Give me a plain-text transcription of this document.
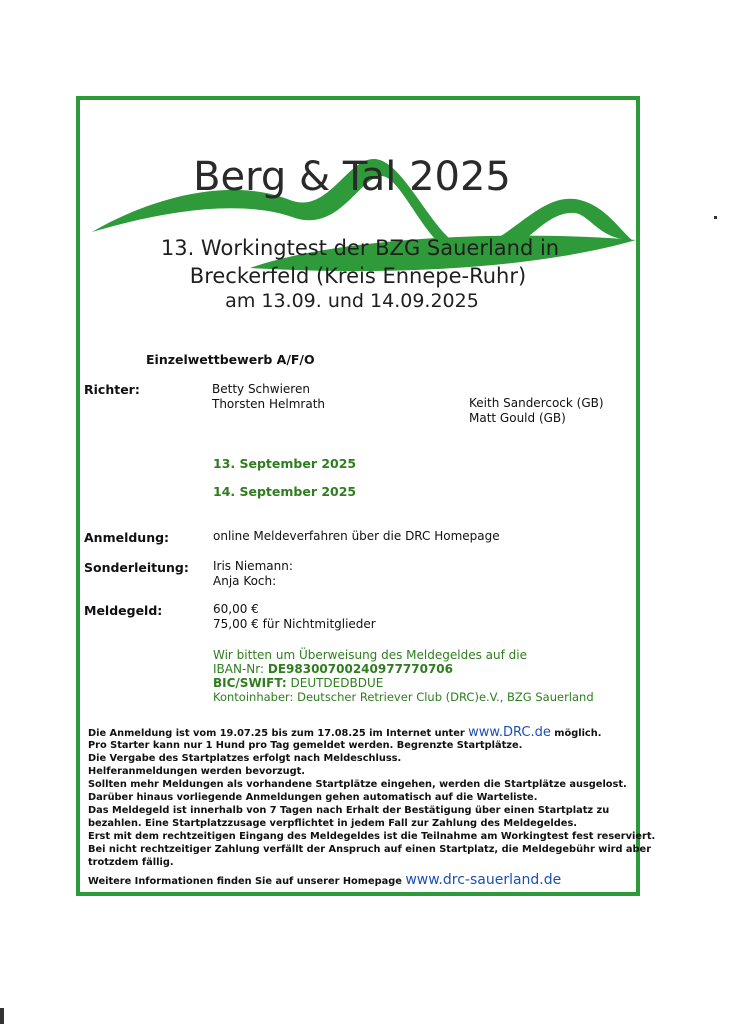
Berg & Tal 2025
13. Workingtest der BZG Sauerland in
Breckerfeld (Kreis Ennepe-Ruhr)
am 13.09. und 14.09.2025
Einzelwettbewerb A/F/O
Richter:	Betty Schwieren
Thorsten Helmrath	Keith Sandercock (GB)
Matt Gould (GB)
13. September 2025
14. September 2025
Anmeldung:	online Meldeverfahren über die DRC Homepage
Sonderleitung: Iris Niemann:
Anja Koch:
Meldegeld:	60,00 €
75,00 € für Nichtmitglieder
Wir bitten um Überweisung des Meldegeldes auf die
IBAN-Nr: DE98300700240977770706
BIC/SWIFT: DEUTDEDBDUE
Kontoinhaber: Deutscher Retriever Club (DRC)e.V., BZG Sauerland
Die Anmeldung ist vom 19.07.25 bis zum 17.08.25 im Internet unter www.DRC.de möglich.
Pro Starter kann nur 1 Hund pro Tag gemeldet werden. Begrenzte Startplätze.
Die Vergabe des Startplatzes erfolgt nach Meldeschluss.
Helferanmeldungen werden bevorzugt.
Sollten mehr Meldungen als vorhandene Startplätze eingehen, werden die Startplätze ausgelost.
Darüber hinaus vorliegende Anmeldungen gehen automatisch auf die Warteliste.
Das Meldegeld ist innerhalb von 7 Tagen nach Erhalt der Bestätigung über einen Startplatz zu
bezahlen. Eine Startplatzzusage verpflichtet in jedem Fall zur Zahlung des Meldegeldes.
Erst mit dem rechtzeitigen Eingang des Meldegeldes ist die Teilnahme am Workingtest fest reserviert.
Bei nicht rechtzeitiger Zahlung verfällt der Anspruch auf einen Startplatz, die Meldegebühr wird aber
trotzdem fällig.
Weitere Informationen finden Sie auf unserer Homepage www.drc-sauerland.de
